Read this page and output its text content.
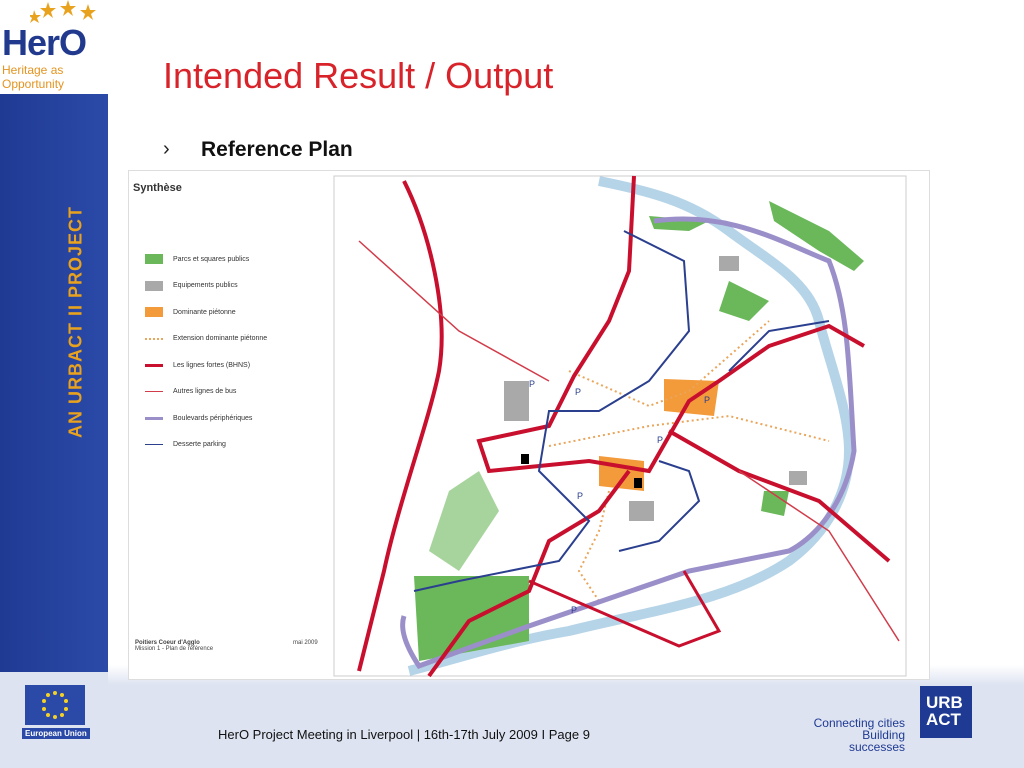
HerO
Heritage as
Opportunity
AN URBACT II PROJECT
Intended Result / Output
› Reference Plan
P
P
P
P
P
P
Synthèse
Parcs et squares publics
Equipements publics
Dominante piétonne
Extension dominante piétonne
Les lignes fortes (BHNS)
Autres lignes de bus
Boulevards périphériques
Desserte parking
Poitiers Coeur d'Agglo
Mission 1 - Plan de référence
mai 2009
European Union	HerO Project Meeting in Liverpool | 16th-17th July 2009 I Page 9
Connecting cities
Building successes
URB
ACT
